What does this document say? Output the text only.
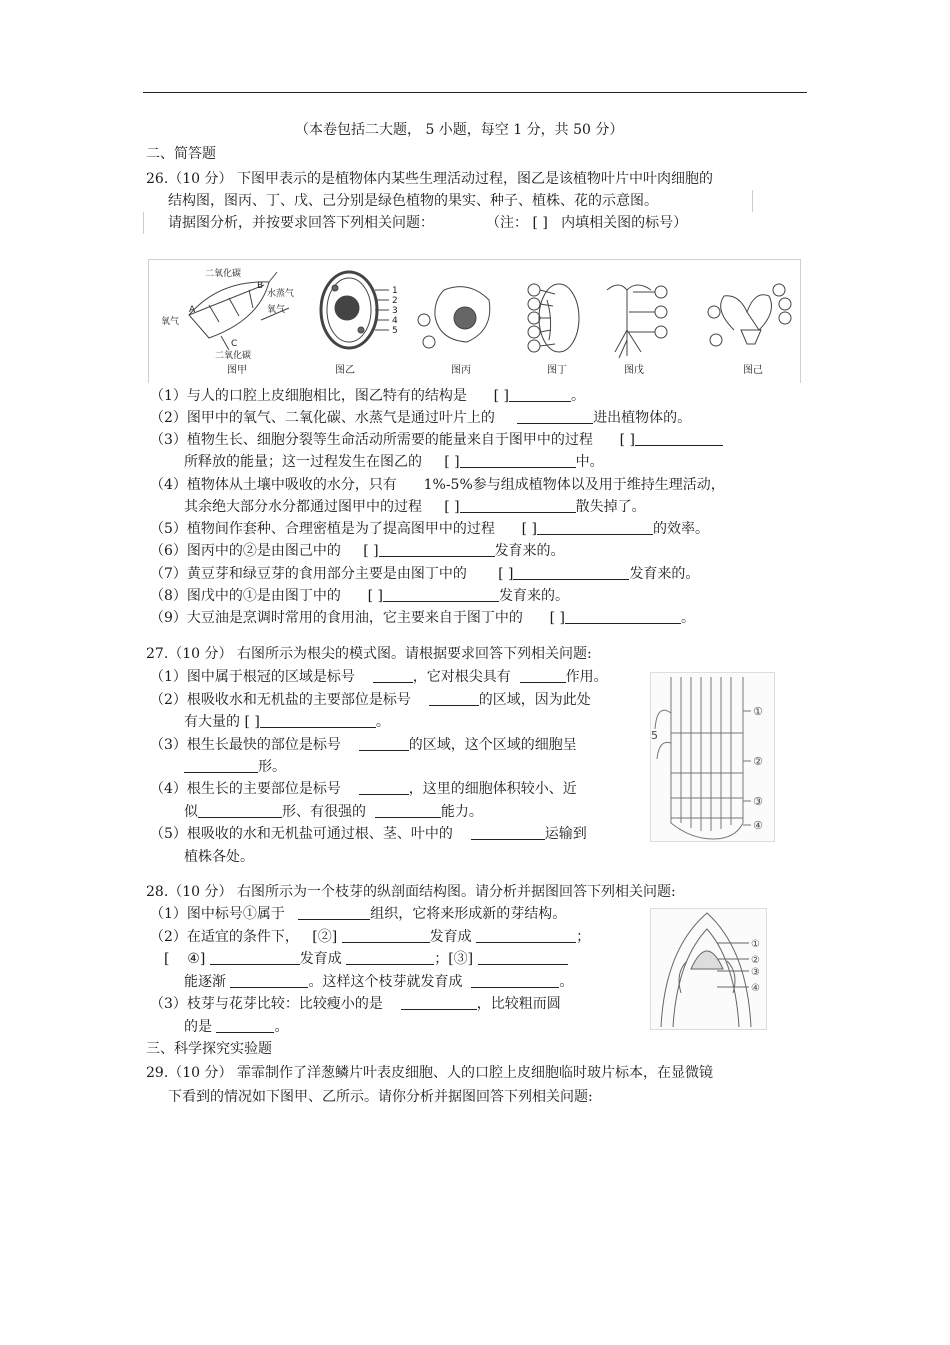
（本卷包括二大题， 5 小题，每空 1 分，共 50 分）
二、简答题
26.（10 分） 下图甲表示的是植物体内某些生理活动过程，图乙是该植物叶片中叶肉细胞的
结构图，图丙、丁、戊、己分别是绿色植物的果实、种子、植株、花的示意图。
请据图分析，并按要求回答下列相关问题：	（注： [ ]   内填相关图的标号）
二氧化碳
水蒸气
氧气
氧气
二氧化碳
A
B
C
1
2
3
4
5
图甲	图乙	图丙	图丁	图戊	图己
（1）与人的口腔上皮细胞相比，图乙特有的结构是 [ ]	。
（2）图甲中的氧气、二氧化碳、水蒸气是通过叶片上的	进出植物体的。
（3）植物生长、细胞分裂等生命活动所需要的能量来自于图甲中的过程 [ ]
所释放的能量；这一过程发生在图乙的 [ ]	中。
（4）植物体从土壤中吸收的水分，只有 1%-5%参与组成植物体以及用于维持生理活动，
其余绝大部分水分都通过图甲中的过程 [ ]	散失掉了。
（5）植物间作套种、合理密植是为了提高图甲中的过程 [ ]	的效率。
（6）图丙中的②是由图己中的 [ ]	发育来的。
（7）黄豆芽和绿豆芽的食用部分主要是由图丁中的 [ ]	发育来的。
（8）图戊中的①是由图丁中的 [ ]	发育来的。
（9）大豆油是烹调时常用的食用油，它主要来自于图丁中的 [ ]	。
27.（10 分） 右图所示为根尖的模式图。请根据要求回答下列相关问题:
（1）图中属于根冠的区域是标号	，它对根尖具有	作用。
（2）根吸收水和无机盐的主要部位是标号	的区域，因为此处
有大量的 [ ]	。
（3）根生长最快的部位是标号	的区域，这个区域的细胞呈
形。
（4）根生长的主要部位是标号	，这里的细胞体积较小、近
似	形、有很强的	能力。
（5）根吸收的水和无机盐可通过根、茎、叶中的	运输到
植株各处。
①
②
③
④
5
28.（10 分） 右图所示为一个枝芽的纵剖面结构图。请分析并据图回答下列相关问题:
（1）图中标号①属于	组织，它将来形成新的芽结构。
（2）在适宜的条件下， [②]	发育成	；
[ ④]	发育成	；[③]
能逐渐	。这样这个枝芽就发育成	。
（3）枝芽与花芽比较：比较瘦小的是	，比较粗而圆
的是	。
①
②
③
④
三、科学探究实验题
29.（10 分） 霏霏制作了洋葱鳞片叶表皮细胞、人的口腔上皮细胞临时玻片标本，在显微镜
下看到的情况如下图甲、乙所示。请你分析并据图回答下列相关问题:
